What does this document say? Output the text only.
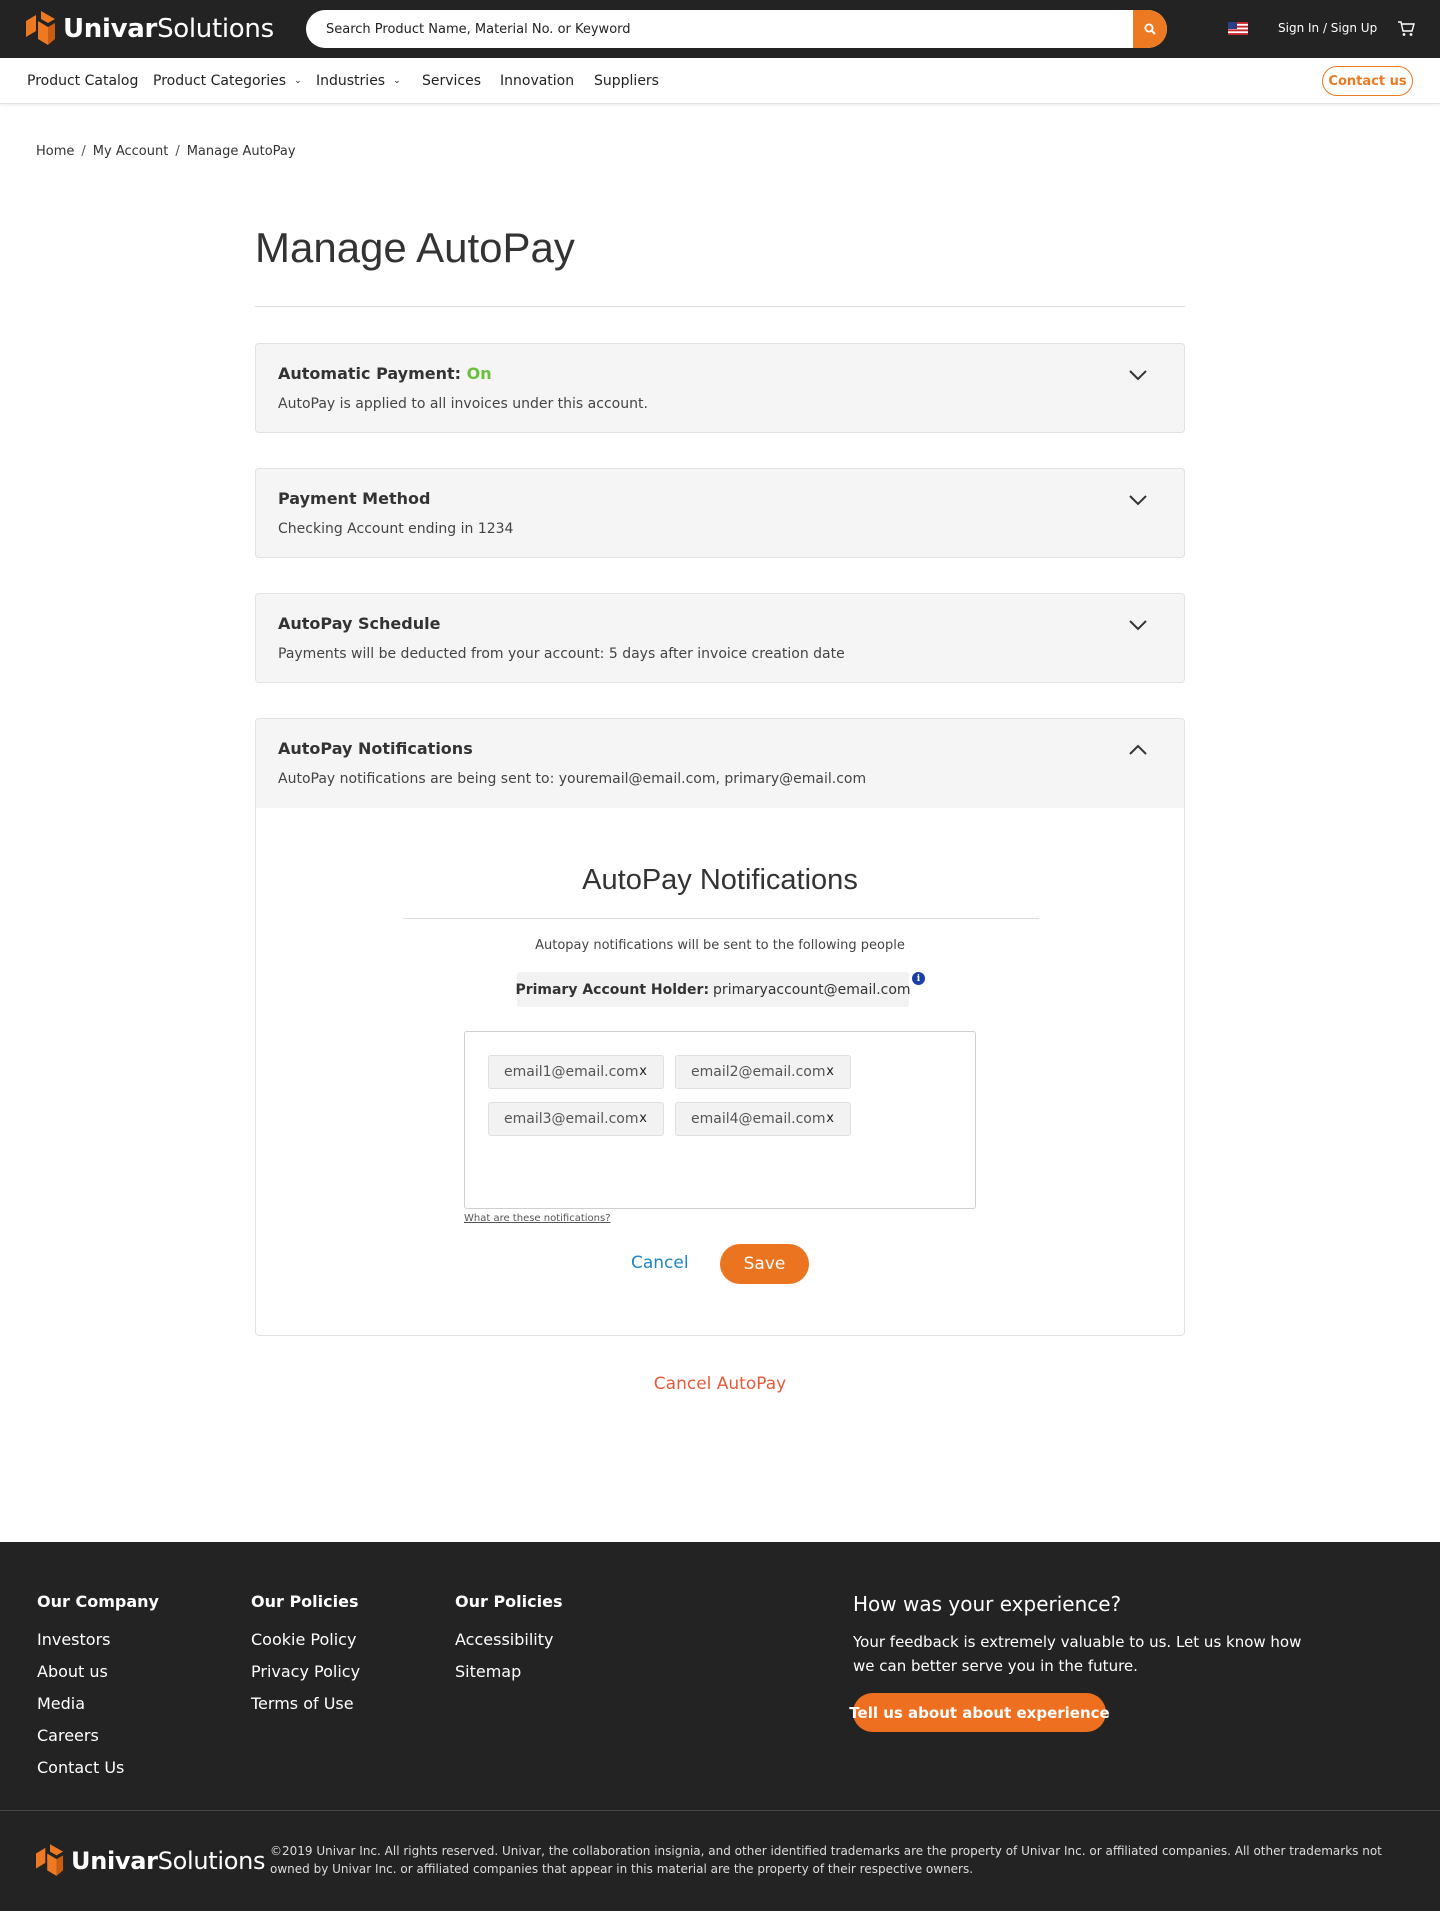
UnivarSolutions
Search Product Name, Material No. or Keyword	Sign In / Sign Up
Product Catalog Product Categories ⌄ Industries ⌄ Services Innovation Suppliers	Contact us
Home / My Account / Manage AutoPay
Manage AutoPay
Automatic Payment: On
AutoPay is applied to all invoices under this account.
Payment Method
Checking Account ending in 1234
AutoPay Schedule
Payments will be deducted from your account: 5 days after invoice creation date
AutoPay Notifications
AutoPay notifications are being sent to: youremail@email.com, primary@email.com
AutoPay Notifications
Autopay notifications will be sent to the following people
Primary Account Holder: primaryaccount@email.com
i
email1@email.com x	email2@email.com x
email3@email.com x	email4@email.com x
What are these notifications?
Cancel	Save
Cancel AutoPay
Our Company
Investors
About us
Media
Careers
Contact Us
Our Policies
Cookie Policy
Privacy Policy
Terms of Use
Our Policies
Accessibility
Sitemap
How was your experience?
Your feedback is extremely valuable to us. Let us know how we can better serve you in the future.
Tell us about about experience
UnivarSolutions ©2019 Univar Inc. All rights reserved. Univar, the collaboration insignia, and other identified trademarks are the property of Univar Inc. or affiliated companies. All other trademarks not owned by Univar Inc. or affiliated companies that appear in this material are the property of their respective owners.
